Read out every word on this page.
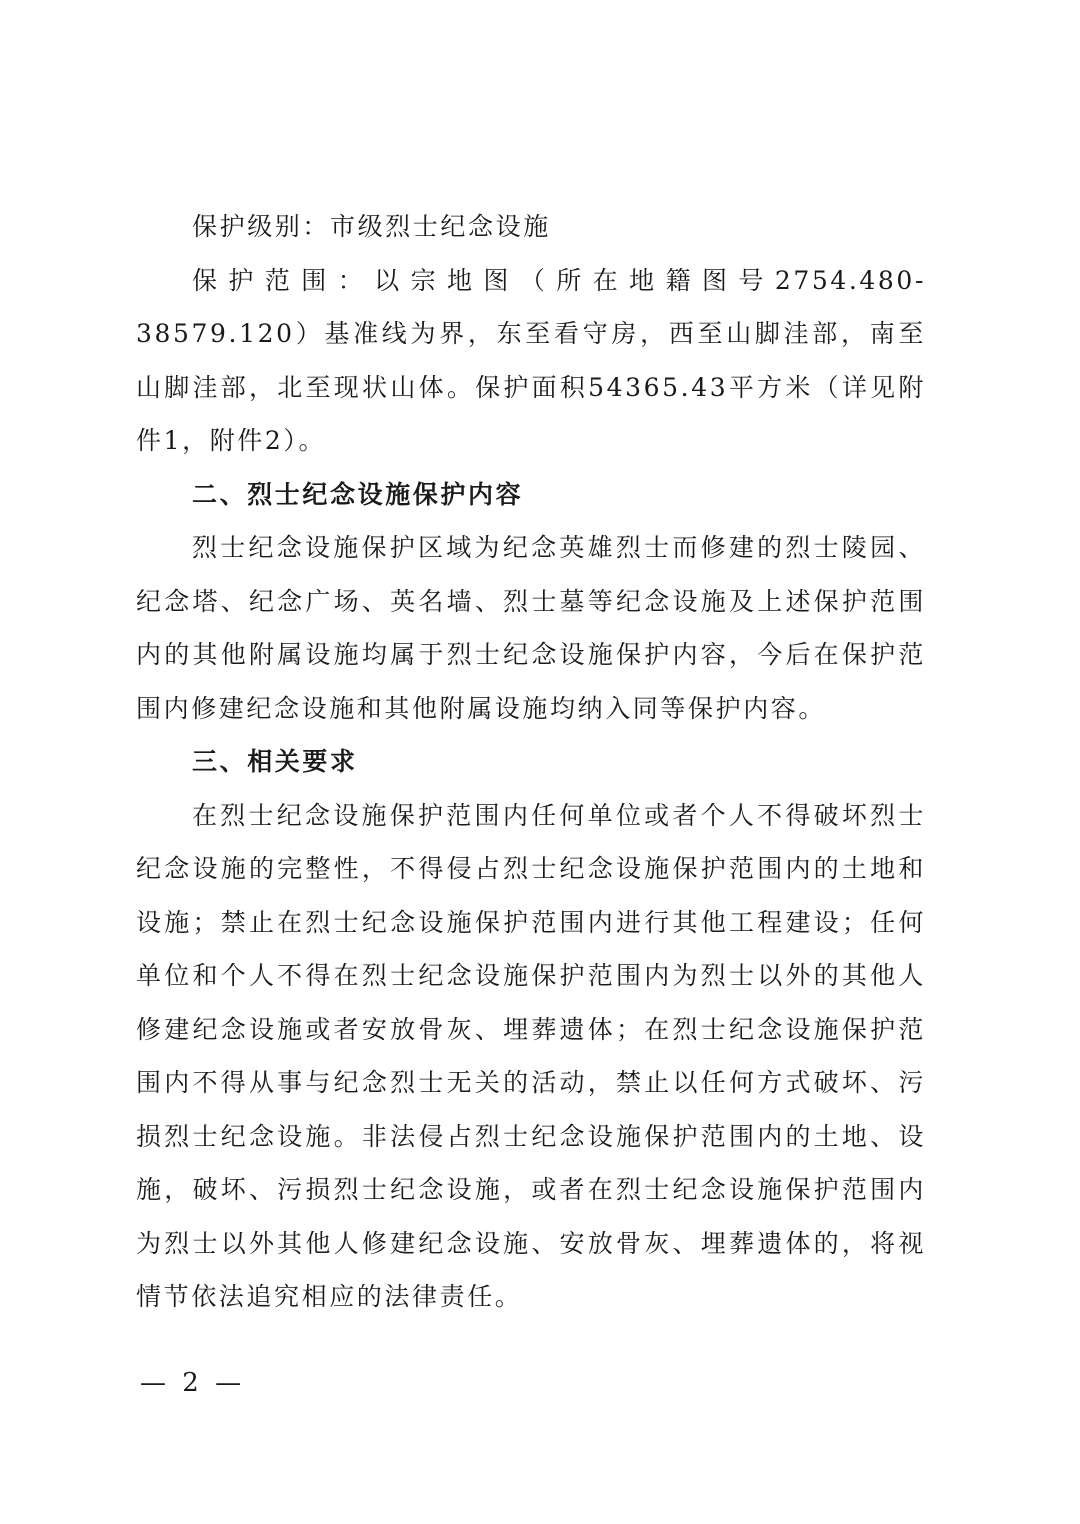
保护级别：市级烈士纪念设施

保护范围：以宗地图（所在地籍图号2754.480-38579.120）基准线为界，东至看守房，西至山脚洼部，南至山脚洼部，北至现状山体。保护面积54365.43平方米（详见附件1，附件2）。

二、烈士纪念设施保护内容

烈士纪念设施保护区域为纪念英雄烈士而修建的烈士陵园、纪念塔、纪念广场、英名墙、烈士墓等纪念设施及上述保护范围内的其他附属设施均属于烈士纪念设施保护内容，今后在保护范围内修建纪念设施和其他附属设施均纳入同等保护内容。

三、相关要求

在烈士纪念设施保护范围内任何单位或者个人不得破坏烈士纪念设施的完整性，不得侵占烈士纪念设施保护范围内的土地和设施；禁止在烈士纪念设施保护范围内进行其他工程建设；任何单位和个人不得在烈士纪念设施保护范围内为烈士以外的其他人修建纪念设施或者安放骨灰、埋葬遗体；在烈士纪念设施保护范围内不得从事与纪念烈士无关的活动，禁止以任何方式破坏、污损烈士纪念设施。非法侵占烈士纪念设施保护范围内的土地、设施，破坏、污损烈士纪念设施，或者在烈士纪念设施保护范围内为烈士以外其他人修建纪念设施、安放骨灰、埋葬遗体的，将视情节依法追究相应的法律责任。

— 2 —
